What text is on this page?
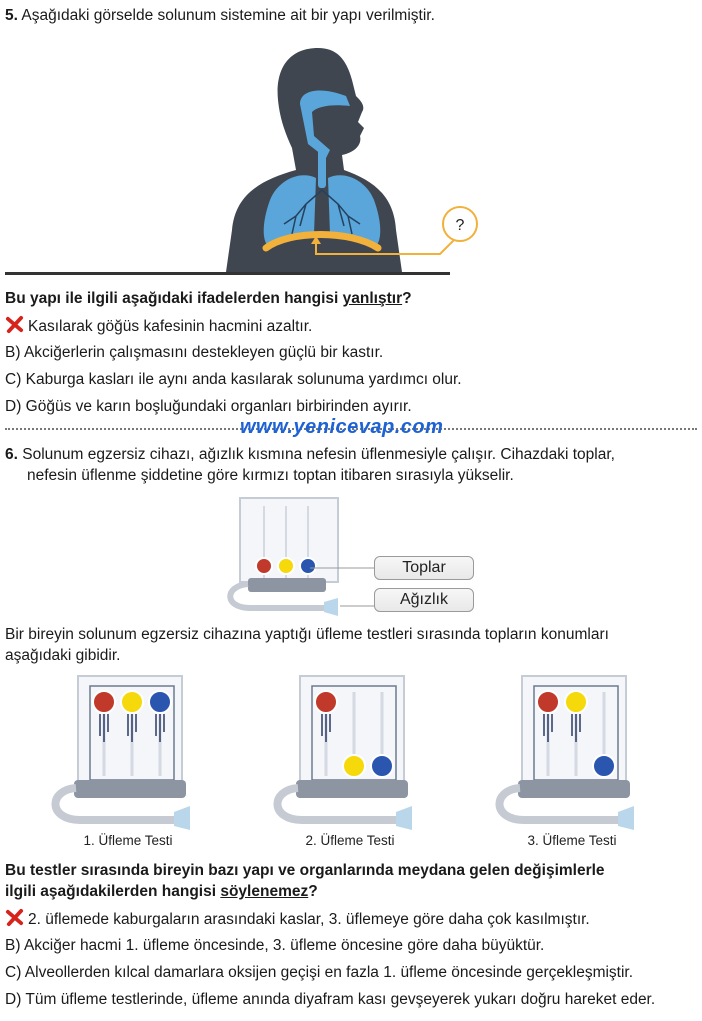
5. Aşağıdaki görselde solunum sistemine ait bir yapı verilmiştir.
?
Bu yapı ile ilgili aşağıdaki ifadelerden hangisi yanlıştır?
Kasılarak göğüs kafesinin hacmini azaltır.
B) Akciğerlerin çalışmasını destekleyen güçlü bir kastır.
C) Kaburga kasları ile aynı anda kasılarak solunuma yardımcı olur.
D) Göğüs ve karın boşluğundaki organları birbirinden ayırır.
www.yenicevap.com
6. Solunum egzersiz cihazı, ağızlık kısmına nefesin üflenmesiyle çalışır. Cihazdaki toplar,
nefesin üflenme şiddetine göre kırmızı toptan itibaren sırasıyla yükselir.
Toplar
Ağızlık
Bir bireyin solunum egzersiz cihazına yaptığı üfleme testleri sırasında topların konumları
aşağıdaki gibidir.
1. Üfleme Testi	2. Üfleme Testi	3. Üfleme Testi
Bu testler sırasında bireyin bazı yapı ve organlarında meydana gelen değişimlerle
ilgili aşağıdakilerden hangisi söylenemez?
2. üflemede kaburgaların arasındaki kaslar, 3. üflemeye göre daha çok kasılmıştır.
B) Akciğer hacmi 1. üfleme öncesinde, 3. üfleme öncesine göre daha büyüktür.
C) Alveollerden kılcal damarlara oksijen geçişi en fazla 1. üfleme öncesinde gerçekleşmiştir.
D) Tüm üfleme testlerinde, üfleme anında diyafram kası gevşeyerek yukarı doğru hareket eder.
